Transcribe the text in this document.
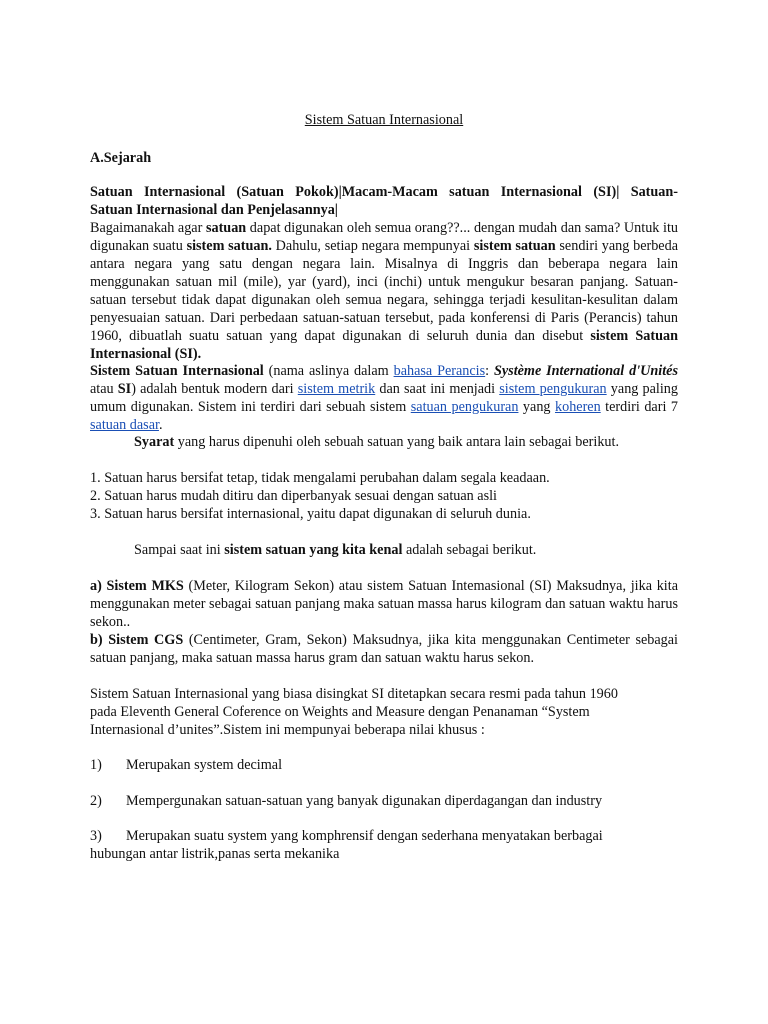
Sistem Satuan Internasional
A.Sejarah
Satuan Internasional (Satuan Pokok)|Macam-Macam satuan Internasional (SI)| Satuan-
Satuan Internasional dan Penjelasannya|

Bagaimanakah agar satuan dapat digunakan oleh semua orang??... dengan mudah dan sama? Untuk itu digunakan suatu sistem satuan. Dahulu, setiap negara mempunyai sistem satuan sendiri yang berbeda antara negara yang satu dengan negara lain. Misalnya di Inggris dan beberapa negara lain menggunakan satuan mil (mile), yar (yard), inci (inchi) untuk mengukur besaran panjang. Satuan-satuan tersebut tidak dapat digunakan oleh semua negara, sehingga terjadi kesulitan-kesulitan dalam penyesuaian satuan. Dari perbedaan satuan-satuan tersebut, pada konferensi di Paris (Perancis) tahun 1960, dibuatlah suatu satuan yang dapat digunakan di seluruh dunia dan disebut sistem Satuan Internasional (SI).

Sistem Satuan Internasional (nama aslinya dalam bahasa Perancis: Système International d'Unités atau SI) adalah bentuk modern dari sistem metrik dan saat ini menjadi sistem pengukuran yang paling umum digunakan. Sistem ini terdiri dari sebuah sistem satuan pengukuran yang koheren terdiri dari 7 satuan dasar.

Syarat yang harus dipenuhi oleh sebuah satuan yang baik antara lain sebagai berikut.

1. Satuan harus bersifat tetap, tidak mengalami perubahan dalam segala keadaan.
2. Satuan harus mudah ditiru dan diperbanyak sesuai dengan satuan asli
3. Satuan harus bersifat internasional, yaitu dapat digunakan di seluruh dunia.

Sampai saat ini sistem satuan yang kita kenal adalah sebagai berikut.

a) Sistem MKS (Meter, Kilogram Sekon) atau sistem Satuan Intemasional (SI) Maksudnya, jika kita menggunakan meter sebagai satuan panjang maka satuan massa harus kilogram dan satuan waktu harus sekon..

b) Sistem CGS (Centimeter, Gram, Sekon) Maksudnya, jika kita menggunakan Centimeter sebagai satuan panjang, maka satuan massa harus gram dan satuan waktu harus sekon.

Sistem Satuan Internasional yang biasa disingkat SI ditetapkan secara resmi pada tahun 1960
pada Eleventh General Coference on Weights and Measure dengan Penanaman “System
Internasional d’unites”.Sistem ini mempunyai beberapa nilai khusus :
1) Merupakan system decimal
2) Mempergunakan satuan-satuan yang banyak digunakan diperdagangan dan industry
3) Merupakan suatu system yang komphrensif dengan sederhana menyatakan berbagai
hubungan antar listrik,panas serta mekanika
